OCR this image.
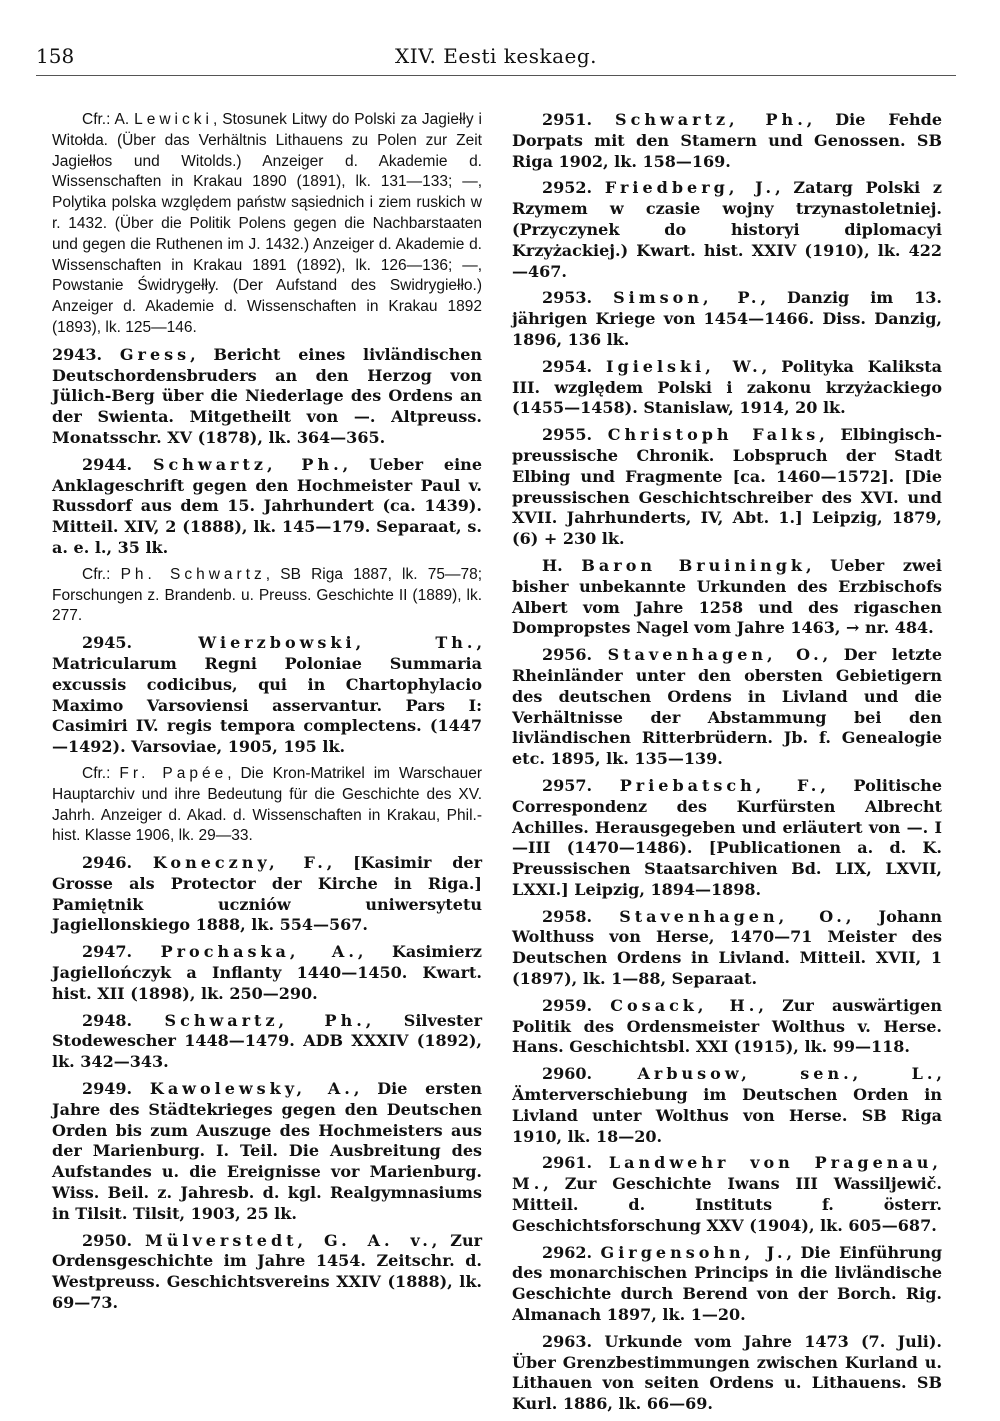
158	XIV. Eesti keskaeg.

Cfr.: A. Lewicki, Stosunek Litwy do Polski za Jagiełły i Witołda. (Über das Verhältnis Lithauens zu Polen zur Zeit Jagiełłos und Witolds.) Anzeiger d. Akademie d. Wissenschaften in Krakau 1890 (1891), lk. 131—133; —, Polytika polska względem państw sąsiednich i ziem ruskich w r. 1432. (Über die Politik Polens gegen die Nachbarstaaten und gegen die Ruthenen im J. 1432.) Anzeiger d. Akademie d. Wissenschaften in Krakau 1891 (1892), lk. 126—136; —, Powstanie Świdrygełły. (Der Aufstand des Swidrygiełło.) Anzeiger d. Akademie d. Wissenschaften in Krakau 1892 (1893), lk. 125—146.

2943. Gress, Bericht eines livländischen Deutschordensbruders an den Herzog von Jülich-Berg über die Niederlage des Ordens an der Swienta. Mitgetheilt von —. Altpreuss. Monatsschr. XV (1878), lk. 364—365.

2944. Schwartz, Ph., Ueber eine Anklageschrift gegen den Hochmeister Paul v. Russdorf aus dem 15. Jahrhundert (ca. 1439). Mitteil. XIV, 2 (1888), lk. 145—179. Separaat, s. a. e. l., 35 lk.

Cfr.: Ph. Schwartz, SB Riga 1887, lk. 75—78; Forschungen z. Brandenb. u. Preuss. Geschichte II (1889), lk. 277.

2945. Wierzbowski, Th., Matricularum Regni Poloniae Summaria excussis codicibus, qui in Chartophylacio Maximo Varsoviensi asservantur. Pars I: Casimiri IV. regis tempora complectens. (1447—1492). Varsoviae, 1905, 195 lk.

Cfr.: Fr. Papée, Die Kron-Matrikel im Warschauer Hauptarchiv und ihre Bedeutung für die Geschichte des XV. Jahrh. Anzeiger d. Akad. d. Wissenschaften in Krakau, Phil.-hist. Klasse 1906, lk. 29—33.

2946. Koneczny, F., [Kasimir der Grosse als Protector der Kirche in Riga.] Pamiętnik uczniów uniwersytetu Jagiellonskiego 1888, lk. 554—567.

2947. Prochaska, A., Kasimierz Jagiellończyk a Inflanty 1440—1450. Kwart. hist. XII (1898), lk. 250—290.

2948. Schwartz, Ph., Silvester Stodewescher 1448—1479. ADB XXXIV (1892), lk. 342—343.

2949. Kawolewsky, A., Die ersten Jahre des Städtekrieges gegen den Deutschen Orden bis zum Auszuge des Hochmeisters aus der Marienburg. I. Teil. Die Ausbreitung des Aufstandes u. die Ereignisse vor Marienburg. Wiss. Beil. z. Jahresb. d. kgl. Realgymnasiums in Tilsit. Tilsit, 1903, 25 lk.

2950. Mülverstedt, G. A. v., Zur Ordensgeschichte im Jahre 1454. Zeitschr. d. Westpreuss. Geschichtsvereins XXIV (1888), lk. 69—73.

2951. Schwartz, Ph., Die Fehde Dorpats mit den Stamern und Genossen. SB Riga 1902, lk. 158—169.

2952. Friedberg, J., Zatarg Polski z Rzymem w czasie wojny trzynastoletniej. (Przyczynek do historyi diplomacyi Krzyżackiej.) Kwart. hist. XXIV (1910), lk. 422—467.

2953. Simson, P., Danzig im 13. jährigen Kriege von 1454—1466. Diss. Danzig, 1896, 136 lk.

2954. Igielski, W., Polityka Kaliksta III. względem Polski i zakonu krzyżackiego (1455—1458). Stanislaw, 1914, 20 lk.

2955. Christoph Falks, Elbingisch-preussische Chronik. Lobspruch der Stadt Elbing und Fragmente [ca. 1460—1572]. [Die preussischen Geschichtschreiber des XVI. und XVII. Jahrhunderts, IV, Abt. 1.] Leipzig, 1879, (6) + 230 lk.

H. Baron Bruiningk, Ueber zwei bisher unbekannte Urkunden des Erzbischofs Albert vom Jahre 1258 und des rigaschen Dompropstes Nagel vom Jahre 1463, → nr. 484.

2956. Stavenhagen, O., Der letzte Rheinländer unter den obersten Gebietigern des deutschen Ordens in Livland und die Verhältnisse der Abstammung bei den livländischen Ritterbrüdern. Jb. f. Genealogie etc. 1895, lk. 135—139.

2957. Priebatsch, F., Politische Correspondenz des Kurfürsten Albrecht Achilles. Herausgegeben und erläutert von —. I—III (1470—1486). [Publicationen a. d. K. Preussischen Staatsarchiven Bd. LIX, LXVII, LXXI.] Leipzig, 1894—1898.

2958. Stavenhagen, O., Johann Wolthuss von Herse, 1470—71 Meister des Deutschen Ordens in Livland. Mitteil. XVII, 1 (1897), lk. 1—88, Separaat.

2959. Cosack, H., Zur auswärtigen Politik des Ordensmeister Wolthus v. Herse. Hans. Geschichtsbl. XXI (1915), lk. 99—118.

2960. Arbusow, sen., L., Ämterverschiebung im Deutschen Orden in Livland unter Wolthus von Herse. SB Riga 1910, lk. 18—20.

2961. Landwehr von Pragenau, M., Zur Geschichte Iwans III Wassiljewič. Mitteil. d. Instituts f. österr. Geschichtsforschung XXV (1904), lk. 605—687.

2962. Girgensohn, J., Die Einführung des monarchischen Princips in die livländische Geschichte durch Berend von der Borch. Rig. Almanach 1897, lk. 1—20.

2963. Urkunde vom Jahre 1473 (7. Juli). Über Grenzbestimmungen zwischen Kurland u. Lithauen von seiten Ordens u. Lithauens. SB Kurl. 1886, lk. 66—69.
